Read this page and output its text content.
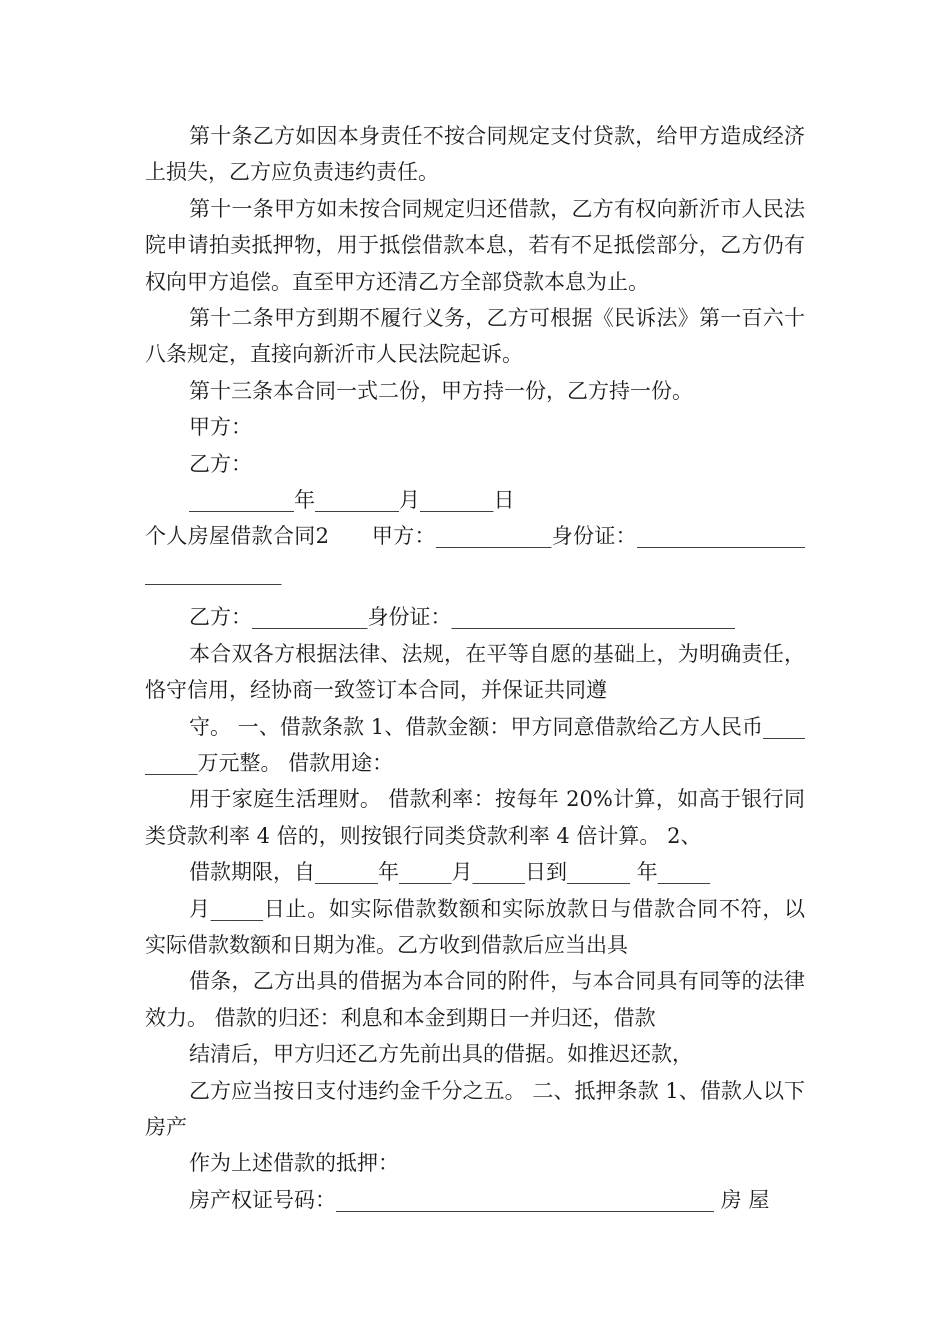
第十条乙方如因本身责任不按合同规定支付贷款，给甲方造成经济上损失，乙方应负责违约责任。

第十一条甲方如未按合同规定归还借款，乙方有权向新沂市人民法院申请拍卖抵押物，用于抵偿借款本息，若有不足抵偿部分，乙方仍有权向甲方追偿。直至甲方还清乙方全部贷款本息为止。

第十二条甲方到期不履行义务，乙方可根据《民诉法》第一百六十八条规定，直接向新沂市人民法院起诉。

第十三条本合同一式二份，甲方持一份，乙方持一份。

甲方：

乙方：

__________年________月_______日

个人房屋借款合同2　　甲方：___________身份证：_____________________________

乙方：___________身份证：___________________________

本合双各方根据法律、法规，在平等自愿的基础上，为明确责任，恪守信用，经协商一致签订本合同，并保证共同遵

守。 一、借款条款 1、借款金额：甲方同意借款给乙方人民币_________万元整。 借款用途：

用于家庭生活理财。 借款利率：按每年 20%计算，如高于银行同类贷款利率 4 倍的，则按银行同类贷款利率 4 倍计算。 2、

借款期限，自______年_____月_____日到______ 年_____

月_____日止。如实际借款数额和实际放款日与借款合同不符，以实际借款数额和日期为准。乙方收到借款后应当出具

借条，乙方出具的借据为本合同的附件，与本合同具有同等的法律效力。 借款的归还：利息和本金到期日一并归还，借款

结清后，甲方归还乙方先前出具的借据。如推迟还款，

乙方应当按日支付违约金千分之五。 二、抵押条款 1、借款人以下房产

作为上述借款的抵押：

房产权证号码：____________________________________ 房 屋
